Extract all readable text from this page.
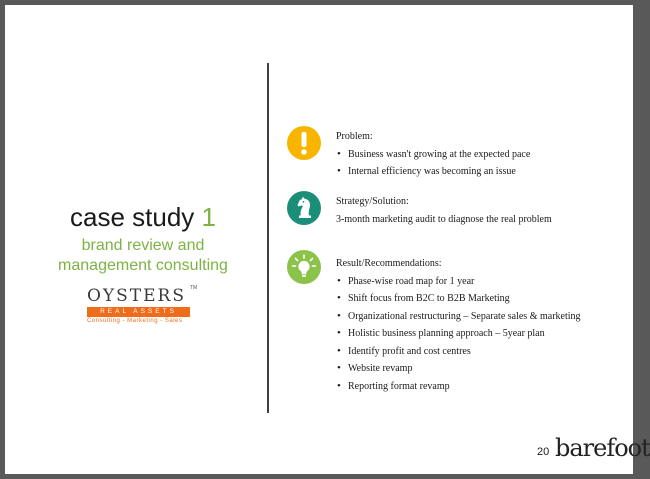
case study 1
brand review and
management consulting
OYSTERS TM
REAL ASSETS
Consulting - Marketing - Sales
Problem:
• Business wasn't growing at the expected pace
• Internal efficiency was becoming an issue
Strategy/Solution:
3-month marketing audit to diagnose the real problem
Result/Recommendations:
• Phase-wise road map for 1 year
• Shift focus from B2C to B2B Marketing
• Organizational restructuring – Separate sales & marketing
• Holistic business planning approach – 5year plan
• Identify profit and cost centres
• Website revamp
• Reporting format revamp
20 barefoot
